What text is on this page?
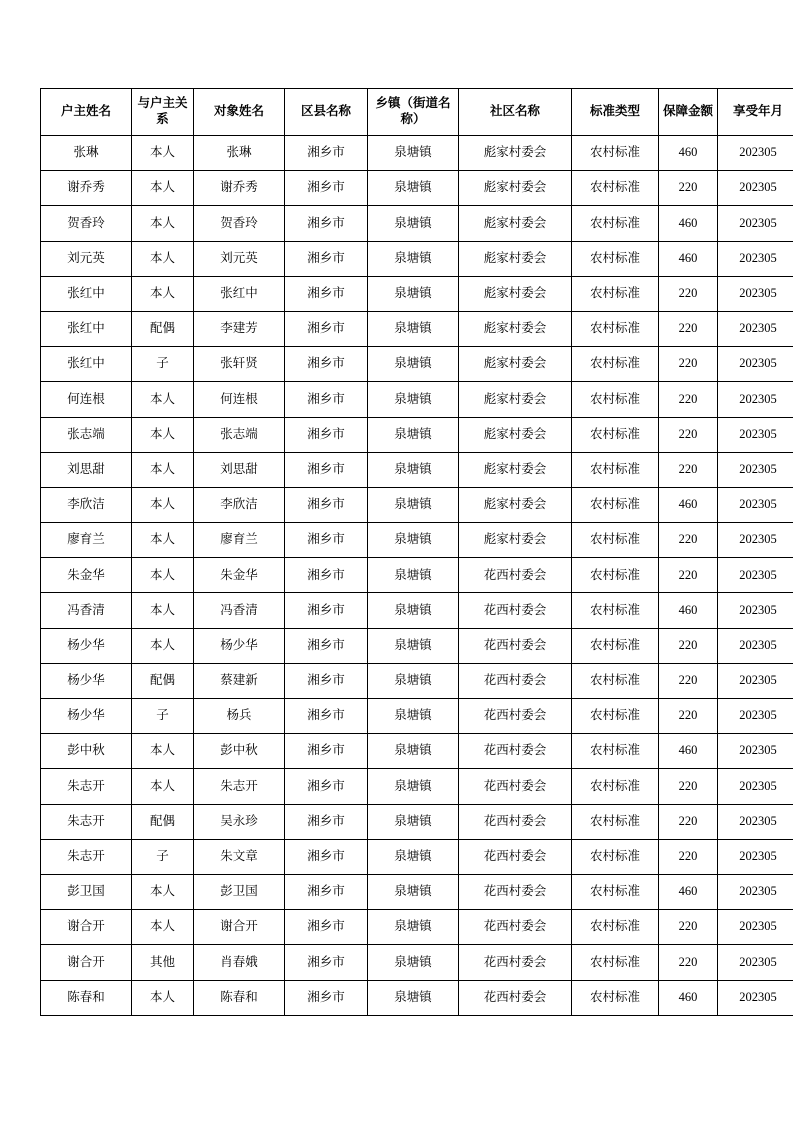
户主姓名	与户主关系	对象姓名	区县名称	乡镇（街道名称）	社区名称	标准类型	保障金额	享受年月
张琳	本人	张琳	湘乡市	泉塘镇	彪家村委会	农村标准	460	202305
谢乔秀	本人	谢乔秀	湘乡市	泉塘镇	彪家村委会	农村标准	220	202305
贺香玲	本人	贺香玲	湘乡市	泉塘镇	彪家村委会	农村标准	460	202305
刘元英	本人	刘元英	湘乡市	泉塘镇	彪家村委会	农村标准	460	202305
张红中	本人	张红中	湘乡市	泉塘镇	彪家村委会	农村标准	220	202305
张红中	配偶	李建芳	湘乡市	泉塘镇	彪家村委会	农村标准	220	202305
张红中	子	张轩贤	湘乡市	泉塘镇	彪家村委会	农村标准	220	202305
何连根	本人	何连根	湘乡市	泉塘镇	彪家村委会	农村标准	220	202305
张志端	本人	张志端	湘乡市	泉塘镇	彪家村委会	农村标准	220	202305
刘思甜	本人	刘思甜	湘乡市	泉塘镇	彪家村委会	农村标准	220	202305
李欣洁	本人	李欣洁	湘乡市	泉塘镇	彪家村委会	农村标准	460	202305
廖育兰	本人	廖育兰	湘乡市	泉塘镇	彪家村委会	农村标准	220	202305
朱金华	本人	朱金华	湘乡市	泉塘镇	花西村委会	农村标准	220	202305
冯香清	本人	冯香清	湘乡市	泉塘镇	花西村委会	农村标准	460	202305
杨少华	本人	杨少华	湘乡市	泉塘镇	花西村委会	农村标准	220	202305
杨少华	配偶	蔡建新	湘乡市	泉塘镇	花西村委会	农村标准	220	202305
杨少华	子	杨兵	湘乡市	泉塘镇	花西村委会	农村标准	220	202305
彭中秋	本人	彭中秋	湘乡市	泉塘镇	花西村委会	农村标准	460	202305
朱志开	本人	朱志开	湘乡市	泉塘镇	花西村委会	农村标准	220	202305
朱志开	配偶	吴永珍	湘乡市	泉塘镇	花西村委会	农村标准	220	202305
朱志开	子	朱文章	湘乡市	泉塘镇	花西村委会	农村标准	220	202305
彭卫国	本人	彭卫国	湘乡市	泉塘镇	花西村委会	农村标准	460	202305
谢合开	本人	谢合开	湘乡市	泉塘镇	花西村委会	农村标准	220	202305
谢合开	其他	肖春娥	湘乡市	泉塘镇	花西村委会	农村标准	220	202305
陈春和	本人	陈春和	湘乡市	泉塘镇	花西村委会	农村标准	460	202305
